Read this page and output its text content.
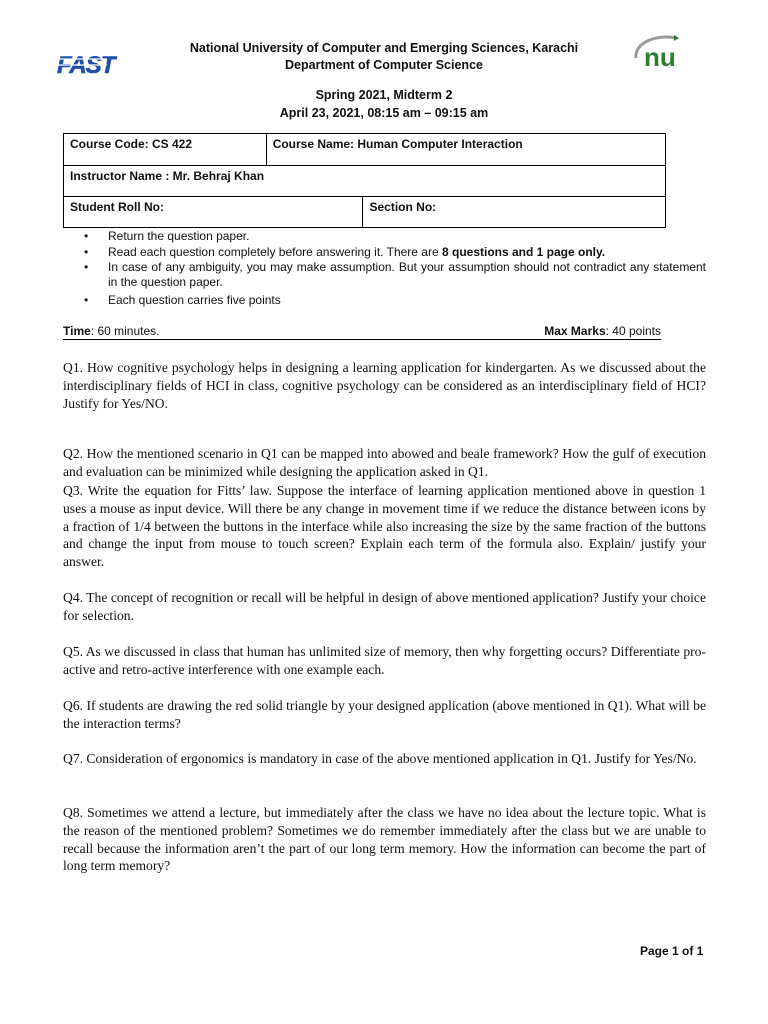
FAST	nu
National University of Computer and Emerging Sciences, Karachi
Department of Computer Science
Spring 2021, Midterm 2
April 23, 2021, 08:15 am – 09:15 am
Course Code: CS 422	Course Name: Human Computer Interaction	
Instructor Name : Mr. Behraj Khan		
Student Roll No:		Section No:
• Return the question paper.
• Read each question completely before answering it. There are 8 questions and 1 page only.
• In case of any ambiguity, you may make assumption. But your assumption should not contradict any statement in the question paper.
• Each question carries five points
Time: 60 minutes.	Max Marks: 40 points

Q1. How cognitive psychology helps in designing a learning application for kindergarten. As we discussed about the interdisciplinary fields of HCI in class, cognitive psychology can be considered as an interdisciplinary field of HCI? Justify for Yes/NO.

Q2. How the mentioned scenario in Q1 can be mapped into abowed and beale framework? How the gulf of execution and evaluation can be minimized while designing the application asked in Q1.

Q3. Write the equation for Fitts’ law. Suppose the interface of learning application mentioned above in question 1 uses a mouse as input device. Will there be any change in movement time if we reduce the distance between icons by a fraction of 1/4 between the buttons in the interface while also increasing the size by the same fraction of the buttons and change the input from mouse to touch screen? Explain each term of the formula also. Explain/ justify your answer.

Q4. The concept of recognition or recall will be helpful in design of above mentioned application? Justify your choice for selection.

Q5. As we discussed in class that human has unlimited size of memory, then why forgetting occurs? Differentiate pro-active and retro-active interference with one example each.

Q6. If students are drawing the red solid triangle by your designed application (above mentioned in Q1). What will be the interaction terms?

Q7. Consideration of ergonomics is mandatory in case of the above mentioned application in Q1. Justify for Yes/No.

Q8. Sometimes we attend a lecture, but immediately after the class we have no idea about the lecture topic. What is the reason of the mentioned problem? Sometimes we do remember immediately after the class but we are unable to recall because the information aren’t the part of our long term memory. How the information can become the part of long term memory?

Page 1 of 1
